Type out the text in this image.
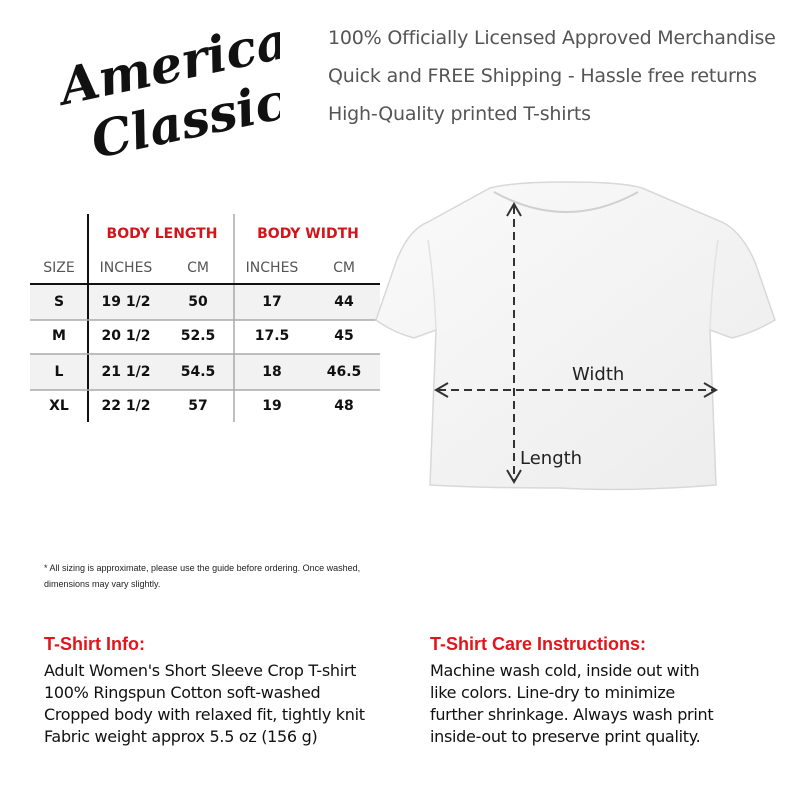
American
Classics
100% Officially Licensed Approved Merchandise
Quick and FREE Shipping - Hassle free returns
High-Quality printed T-shirts
BODY LENGTH	BODY WIDTH
SIZE	INCHES	CM	INCHES	CM
S	19 1/2	50	17	44
M	20 1/2	52.5	17.5	45
L	21 1/2	54.5	18	46.5
XL	22 1/2	57	19	48
Width
Length
* All sizing is approximate, please use the guide before ordering. Once washed,
dimensions may vary slightly.
T-Shirt Info:
Adult Women's Short Sleeve Crop T-shirt
100% Ringspun Cotton soft-washed
Cropped body with relaxed fit, tightly knit
Fabric weight approx 5.5 oz (156 g)
T-Shirt Care Instructions:
Machine wash cold, inside out with
like colors. Line-dry to minimize
further shrinkage. Always wash print
inside-out to preserve print quality.
